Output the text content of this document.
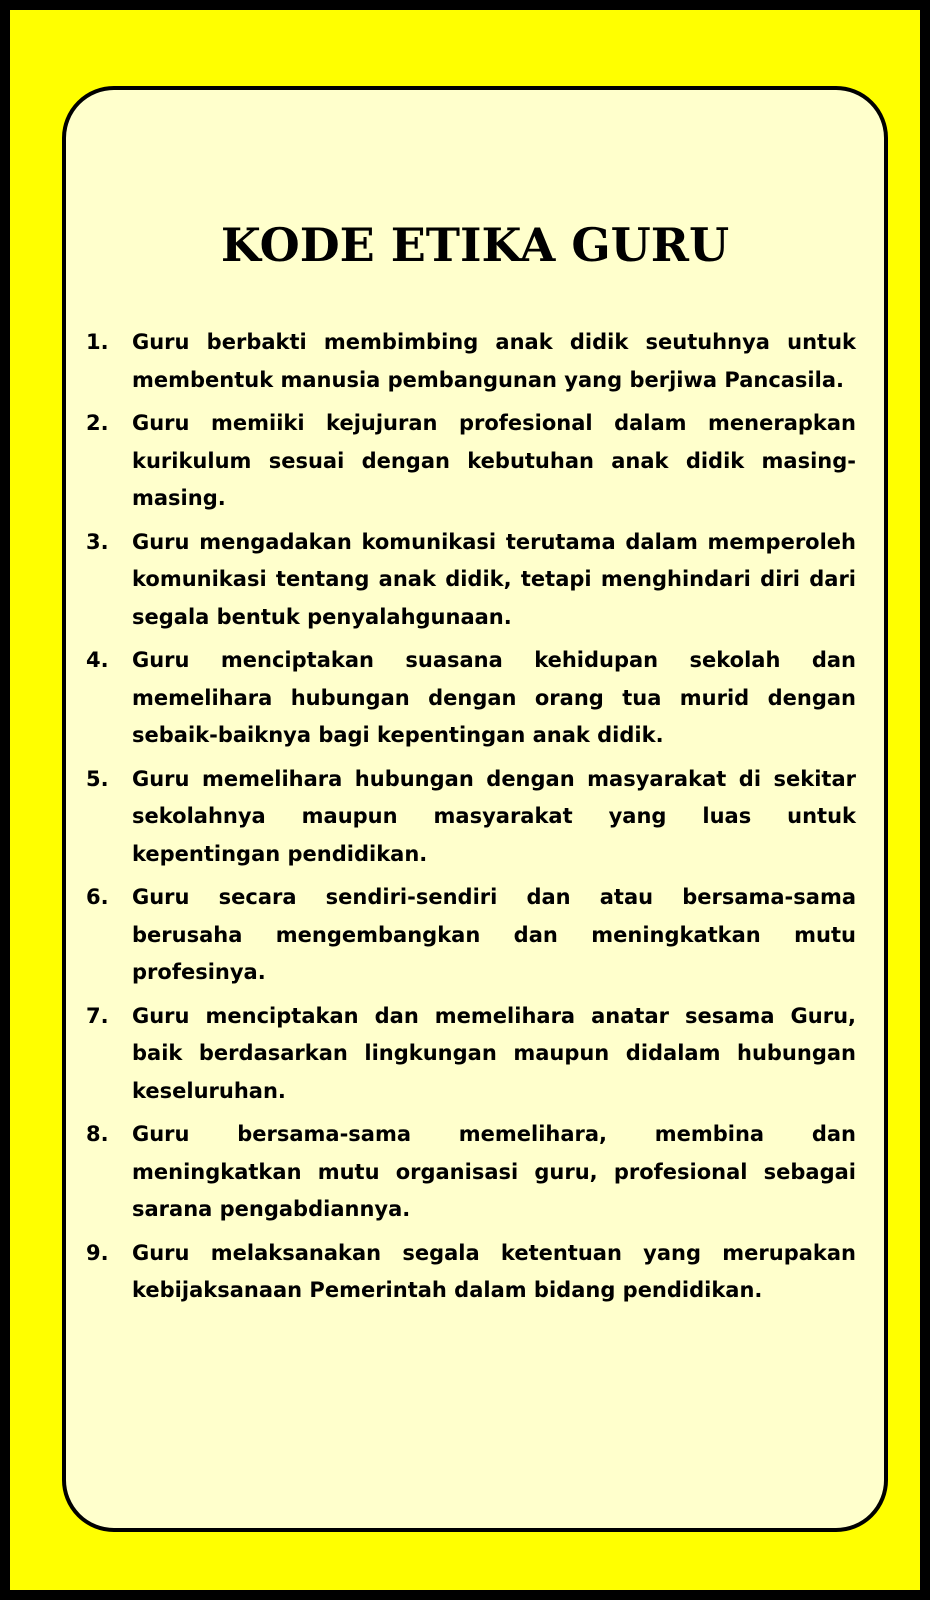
KODE ETIKA GURU
1.	Guru berbakti membimbing anak didik seutuhnya untuk membentuk manusia pembangunan yang berjiwa Pancasila.
2.	Guru memiiki kejujuran profesional dalam menerapkan kurikulum sesuai dengan kebutuhan anak didik masing-masing.
3.	Guru mengadakan komunikasi terutama dalam memperoleh komunikasi tentang anak didik, tetapi menghindari diri dari segala bentuk penyalahgunaan.
4.	Guru menciptakan suasana kehidupan sekolah dan memelihara hubungan dengan orang tua murid dengan sebaik-baiknya bagi kepentingan anak didik.
5.	Guru memelihara hubungan dengan masyarakat di sekitar sekolahnya maupun masyarakat yang luas untuk kepentingan pendidikan.
6.	Guru secara sendiri-sendiri dan atau bersama-sama berusaha mengembangkan dan meningkatkan mutu profesinya.
7.	Guru menciptakan dan memelihara anatar sesama Guru, baik berdasarkan lingkungan maupun didalam hubungan keseluruhan.
8.	Guru bersama-sama memelihara, membina dan meningkatkan mutu organisasi guru, profesional sebagai sarana pengabdiannya.
9.	Guru melaksanakan segala ketentuan yang merupakan kebijaksanaan Pemerintah dalam bidang pendidikan.
